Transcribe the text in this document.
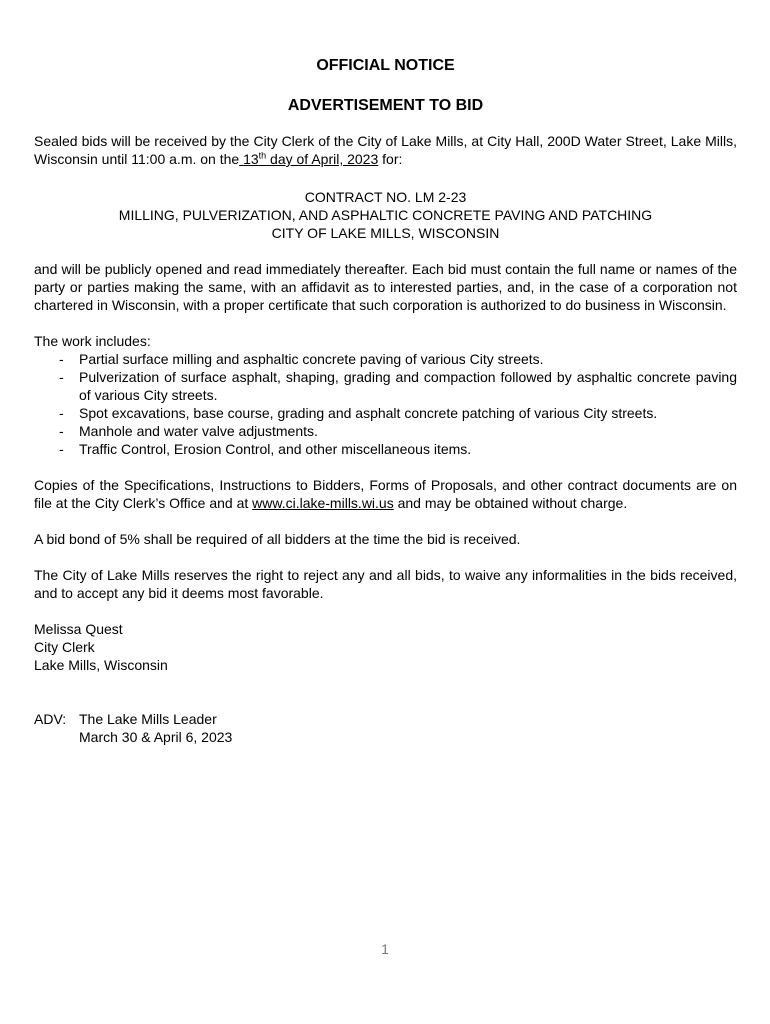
OFFICIAL NOTICE
ADVERTISEMENT TO BID

Sealed bids will be received by the City Clerk of the City of Lake Mills, at City Hall, 200D Water Street, Lake Mills, Wisconsin until 11:00 a.m. on the 13th day of April, 2023 for:

CONTRACT NO. LM 2-23
MILLING, PULVERIZATION, AND ASPHALTIC CONCRETE PAVING AND PATCHING
CITY OF LAKE MILLS, WISCONSIN

and will be publicly opened and read immediately thereafter. Each bid must contain the full name or names of the party or parties making the same, with an affidavit as to interested parties, and, in the case of a corporation not chartered in Wisconsin, with a proper certificate that such corporation is authorized to do business in Wisconsin.

The work includes:

- Partial surface milling and asphaltic concrete paving of various City streets.
- Pulverization of surface asphalt, shaping, grading and compaction followed by asphaltic concrete paving of various City streets.
- Spot excavations, base course, grading and asphalt concrete patching of various City streets.
- Manhole and water valve adjustments.
- Traffic Control, Erosion Control, and other miscellaneous items.

Copies of the Specifications, Instructions to Bidders, Forms of Proposals, and other contract documents are on file at the City Clerk’s Office and at www.ci.lake-mills.wi.us and may be obtained without charge.

A bid bond of 5% shall be required of all bidders at the time the bid is received.

The City of Lake Mills reserves the right to reject any and all bids, to waive any informalities in the bids received, and to accept any bid it deems most favorable.

Melissa Quest
City Clerk
Lake Mills, Wisconsin
ADV: The Lake Mills Leader
March 30 & April 6, 2023
1
